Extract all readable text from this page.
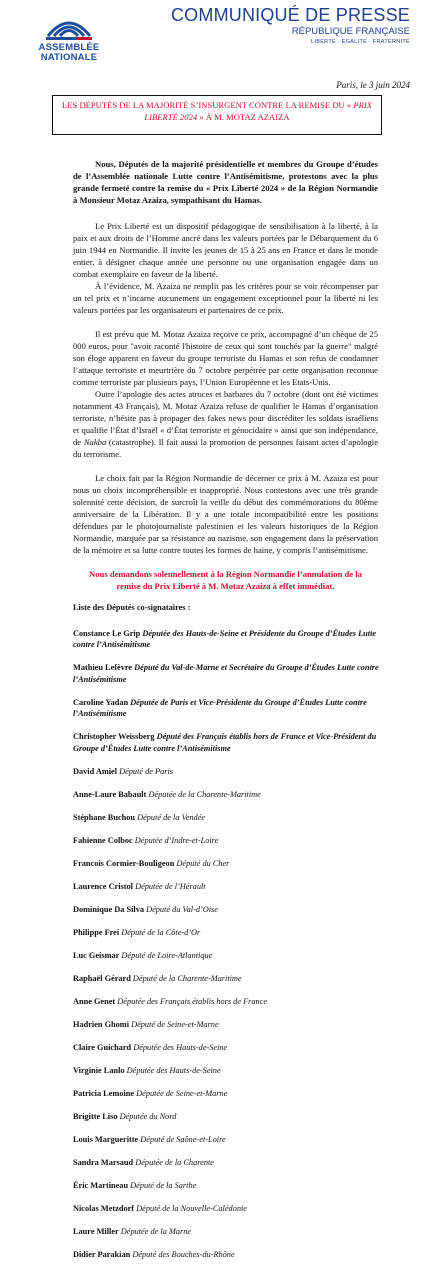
ASSEMBLÉE
NATIONALE
COMMUNIQUÉ DE PRESSE
RÉPUBLIQUE FRANÇAISE
LIBERTÉ - ÉGALITÉ - FRATERNITÉ
Paris, le 3 juin 2024
LES DÉPUTÉS DE LA MAJORITÉ S’INSURGENT CONTRE LA REMISE DU « PRIX LIBERTÉ 2024 » À M. MOTAZ AZAIZA

Nous, Députés de la majorité présidentielle et membres du Groupe d’études de l’Assemblée nationale Lutte contre l’Antisémitisme, protestons avec la plus grande fermeté contre la remise du « Prix Liberté 2024 » de la Région Normandie à Monsieur Motaz Azaiza, sympathisant du Hamas.

Le Prix Liberté est un dispositif pédagogique de sensibilisation à la liberté, à la paix et aux droits de l’Homme ancré dans les valeurs portées par le Débarquement du 6 juin 1944 en Normandie. Il invite les jeunes de 15 à 25 ans en France et dans le monde entier, à désigner chaque année une personne ou une organisation engagée dans un combat exemplaire en faveur de la liberté.

À l’évidence, M. Azaiza ne remplit pas les critères pour se voir récompenser par un tel prix et n’incarne aucunement un engagement exceptionnel pour la liberté ni les valeurs portées par les organisateurs et partenaires de ce prix.

Il est prévu que M. Motaz Azaiza reçoive ce prix, accompagné d’un chèque de 25 000 euros, pour "avoir raconté l'histoire de ceux qui sont touchés par la guerre" malgré son éloge apparent en faveur du groupe terroriste du Hamas et son refus de condamner l’attaque terroriste et meurtrière du 7 octobre perpétrée par cette organisation reconnue comme terroriste par plusieurs pays, l’Union Européenne et les Etats-Unis.

Outre l’apologie des actes atroces et barbares du 7 octobre (dont ont été victimes notamment 43 Français), M. Motaz Azaiza refuse de qualifier le Hamas d’organisation terroriste, n’hésite pas à propager des fakes news pour discréditer les soldats israéliens et qualifie l’État d’Israël « d’État terroriste et génocidaire » ainsi que son indépendance, de Nakba (catastrophe). Il fait aussi la promotion de personnes faisant actes d’apologie du terrorisme.

Le choix fait par la Région Normandie de décerner ce prix à M. Azaiza est pour nous un choix incompréhensible et inapproprié. Nous contestons avec une très grande solennité cette décision, de surcroît la veille du début des commémorations du 80ème anniversaire de la Libération. Il y a une totale incompatibilité entre les positions défendues par le photojournaliste palestinien et les valeurs historiques de la Région Normandie, marquée par sa résistance au nazisme, son engagement dans la préservation de la mémoire et sa lutte contre toutes les formes de haine, y compris l’antisémitisme.

Nous demandons solennellement à la Région Normandie l’annulation de la remise du Prix Liberté à M. Motaz Azaiza à effet immédiat.

Liste des Députés co-signataires :

Constance Le Grip Députée des Hauts-de-Seine et Présidente du Groupe d’Études Lutte contre l’Antisémitisme
Mathieu Lefèvre Député du Val-de-Marne et Secrétaire du Groupe d’Études Lutte contre l’Antisémitisme
Caroline Yadan Députée de Paris et Vice-Présidente du Groupe d’Études Lutte contre l’Antisémitisme
Christopher Weissberg Député des Français établis hors de France et Vice-Président du Groupe d’Études Lutte contre l’Antisémitisme
David Amiel Député de Paris
Anne-Laure Babault Députée de la Charente-Maritime
Stéphane Buchou Député de la Vendée
Fabienne Colboc Députée d’Indre-et-Loire
Francois Cormier-Bouligeon Député du Cher
Laurence Cristol Députée de l’Hérault
Dominique Da Silva Député du Val-d’Oise
Philippe Frei Député de la Côte-d’Or
Luc Geismar Député de Loire-Atlantique
Raphaël Gérard Député de la Charente-Maritime
Anne Genet Députée des Français établis hors de France
Hadrien Ghomi Député de Seine-et-Marne
Claire Guichard Députée des Hauts-de-Seine
Virginie Lanlo Députée des Hauts-de-Seine
Patricia Lemoine Députée de Seine-et-Marne
Brigitte Liso Députée du Nord
Louis Margueritte Député de Saône-et-Loire
Sandra Marsaud Députée de la Charente
Éric Martineau Député de la Sarthe
Nicolas Metzdorf Député de la Nouvelle-Calédonie
Laure Miller Députée de la Marne
Didier Parakian Député des Bouches-du-Rhône
